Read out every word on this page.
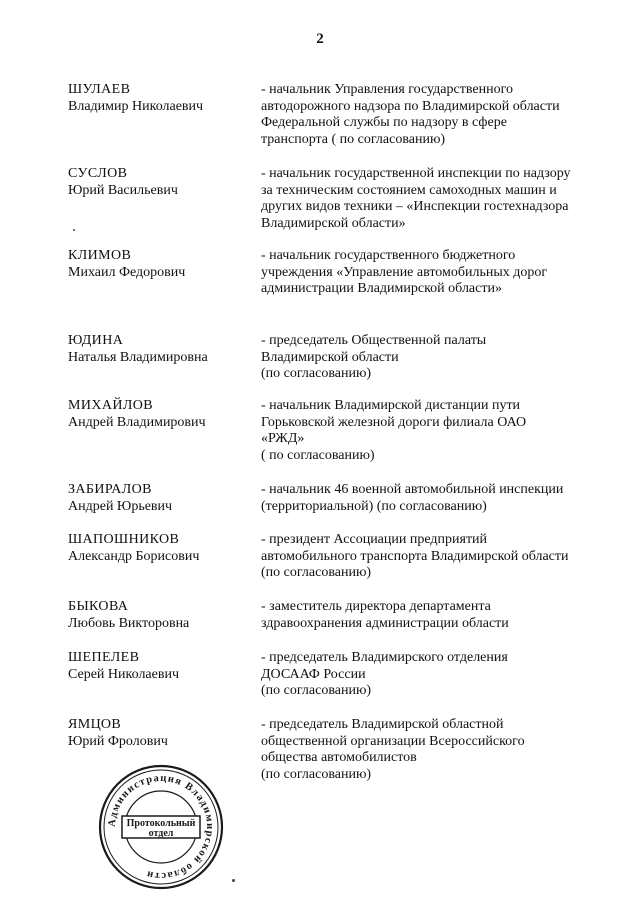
2
ШУЛАЕВ
Владимир Николаевич
- начальник Управления государственного
автодорожного надзора по Владимирской области
Федеральной службы по надзору в сфере
транспорта ( по согласованию)
СУСЛОВ
Юрий Васильевич
- начальник государственной инспекции по надзору
за техническим состоянием самоходных машин и
других видов техники – «Инспекции гостехнадзора
Владимирской области»
КЛИМОВ
Михаил Федорович
- начальник государственного бюджетного
учреждения «Управление автомобильных дорог
администрации Владимирской области»
ЮДИНА
Наталья Владимировна
- председатель Общественной палаты
Владимирской области
(по согласованию)
МИХАЙЛОВ
Андрей Владимирович
- начальник Владимирской дистанции пути
Горьковской железной дороги филиала ОАО
«РЖД»
( по согласованию)
ЗАБИРАЛОВ
Андрей Юрьевич
- начальник 46 военной автомобильной инспекции
(территориальной) (по согласованию)
ШАПОШНИКОВ
Александр Борисович
- президент Ассоциации предприятий
автомобильного транспорта Владимирской области
(по согласованию)
БЫКОВА
Любовь Викторовна
- заместитель директора департамента
здравоохранения администрации области
ШЕПЕЛЕВ
Серей Николаевич
- председатель Владимирского отделения
ДОСААФ России
(по согласованию)
ЯМЦОВ
Юрий Фролович
- председатель Владимирской областной
общественной организации Всероссийского
общества автомобилистов
(по согласованию)
Администрация Владимирской области
Протокольный
отдел
